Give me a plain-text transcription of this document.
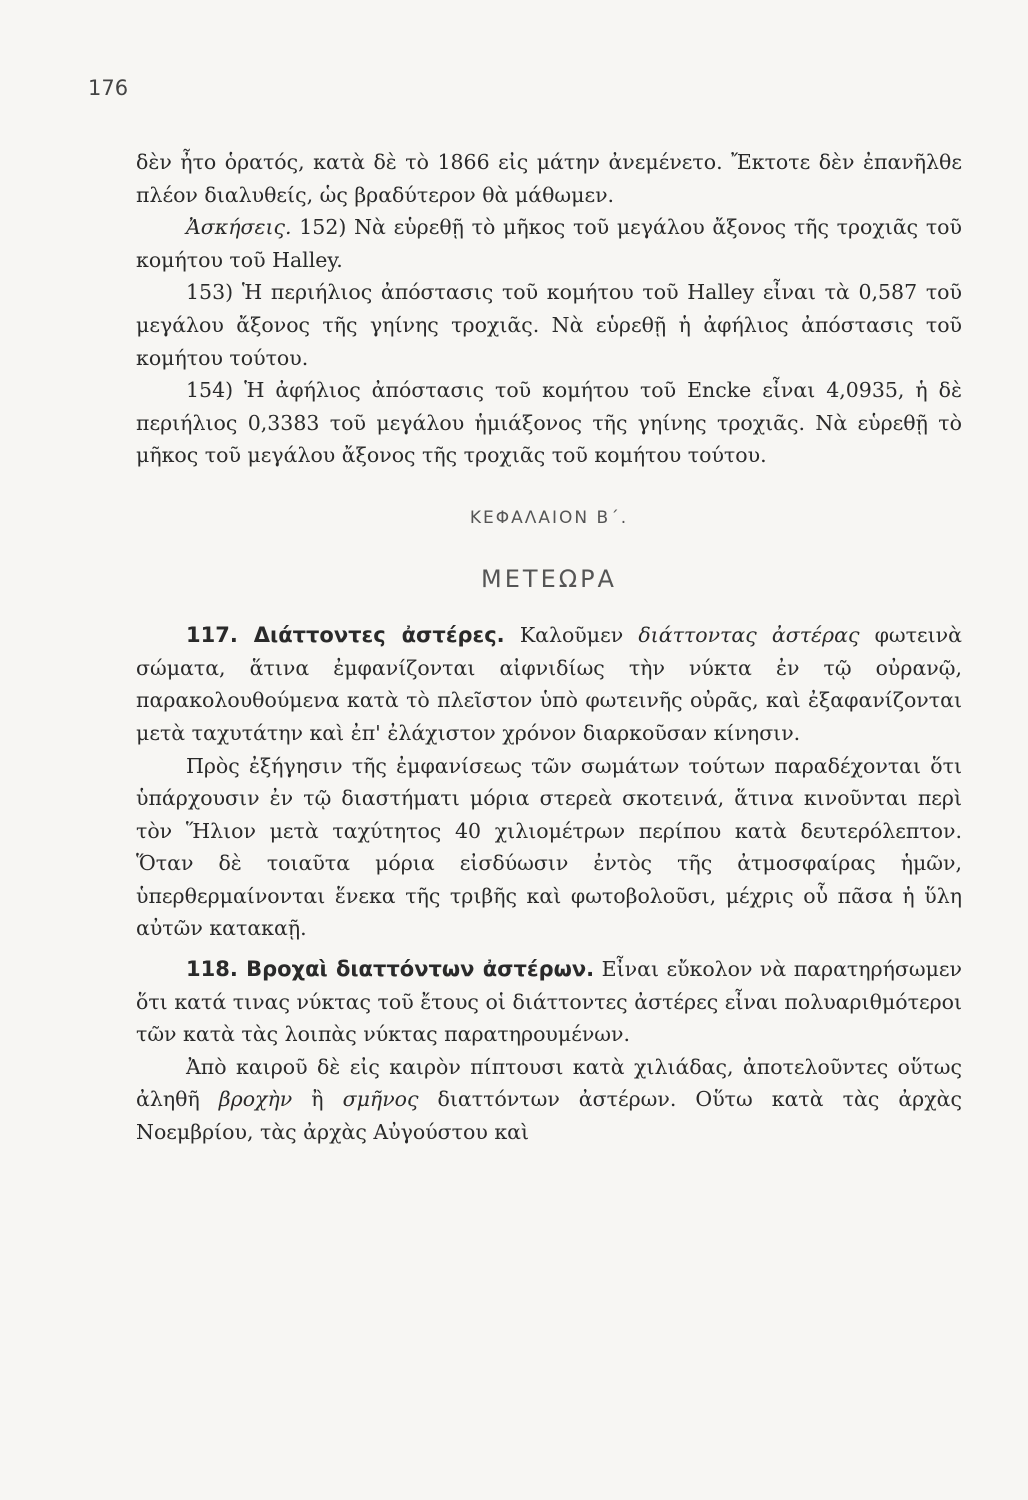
176

δὲν ἦτο ὁρατός, κατὰ δὲ τὸ 1866 εἰς μάτην ἀνεμένετο. Ἔκτοτε δὲν ἐπανῆλθε πλέον διαλυθείς, ὡς βραδύτερον θὰ μάθωμεν.

Ἀσκήσεις. 152) Νὰ εὑρεθῇ τὸ μῆκος τοῦ μεγάλου ἄξονος τῆς τροχιᾶς τοῦ κομήτου τοῦ Halley.

153) Ἡ περιήλιος ἀπόστασις τοῦ κομήτου τοῦ Halley εἶναι τὰ 0,587 τοῦ μεγάλου ἄξονος τῆς γηίνης τροχιᾶς. Νὰ εὑρεθῇ ἡ ἀφήλιος ἀπόστασις τοῦ κομήτου τούτου.

154) Ἡ ἀφήλιος ἀπόστασις τοῦ κομήτου τοῦ Encke εἶναι 4,0935, ἡ δὲ περιήλιος 0,3383 τοῦ μεγάλου ἡμιάξονος τῆς γηίνης τροχιᾶς. Νὰ εὑρεθῇ τὸ μῆκος τοῦ μεγάλου ἄξονος τῆς τροχιᾶς τοῦ κομήτου τούτου.

ΚΕΦΑΛΑΙΟΝ Β΄.

ΜΕΤΕΩΡΑ

117. Διάττοντες ἀστέρες. Καλοῦμεν διάττοντας ἀστέρας φωτεινὰ σώματα, ἅτινα ἐμφανίζονται αἰφνιδίως τὴν νύκτα ἐν τῷ οὐρανῷ, παρακολουθούμενα κατὰ τὸ πλεῖστον ὑπὸ φωτεινῆς οὐρᾶς, καὶ ἐξαφανίζονται μετὰ ταχυτάτην καὶ ἐπ' ἐλάχιστον χρόνον διαρκοῦσαν κίνησιν.

Πρὸς ἐξήγησιν τῆς ἐμφανίσεως τῶν σωμάτων τούτων παραδέχονται ὅτι ὑπάρχουσιν ἐν τῷ διαστήματι μόρια στερεὰ σκοτεινά, ἅτινα κινοῦνται περὶ τὸν Ἥλιον μετὰ ταχύτητος 40 χιλιομέτρων περίπου κατὰ δευτερόλεπτον. Ὅταν δὲ τοιαῦτα μόρια εἰσδύωσιν ἐντὸς τῆς ἀτμοσφαίρας ἡμῶν, ὑπερθερμαίνονται ἕνεκα τῆς τριβῆς καὶ φωτοβολοῦσι, μέχρις οὗ πᾶσα ἡ ὕλη αὐτῶν κατακαῇ.

118. Βροχαὶ διαττόντων ἀστέρων. Εἶναι εὔκολον νὰ παρατηρήσωμεν ὅτι κατά τινας νύκτας τοῦ ἔτους οἱ διάττοντες ἀστέρες εἶναι πολυαριθμότεροι τῶν κατὰ τὰς λοιπὰς νύκτας παρατηρουμένων.

Ἀπὸ καιροῦ δὲ εἰς καιρὸν πίπτουσι κατὰ χιλιάδας, ἀποτελοῦντες οὕτως ἀληθῆ βροχὴν ἢ σμῆνος διαττόντων ἀστέρων. Οὕτω κατὰ τὰς ἀρχὰς Νοεμβρίου, τὰς ἀρχὰς Αὐγούστου καὶ
